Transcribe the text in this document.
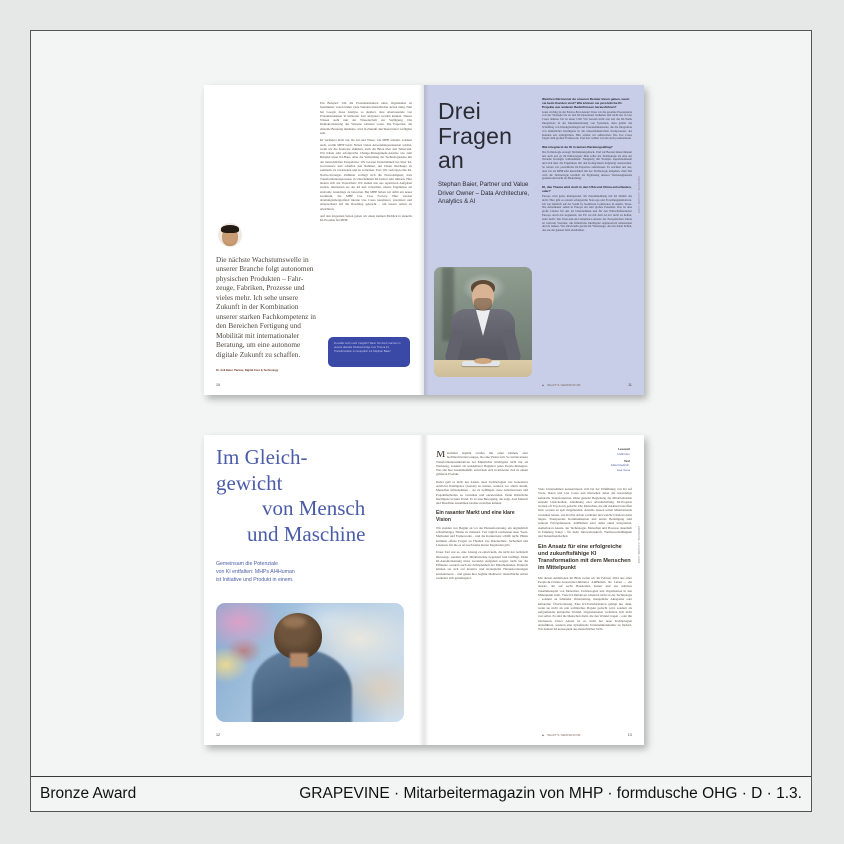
Die nächste Wachstumswelle in unserer Branche folgt autonomen physischen Produkten – Fahrzeuge, Fabriken, Prozesse und vieles mehr. Ich sehe unsere Zukunft in der Kombination unserer starken Fachkompetenz in den Bereichen Fertigung und Mobilität mit internationaler Beratung, um eine autonome digitale Zukunft zu schaffen.
Dr. Anil Baier, Partner, Digital Core & Technology

Ein Beispiel: Um die Proteinstrukturen eines Organismus zu bestimmen, waren bisher viele Stunden menschlicher Arbeit nötig. Nun hat Google diese Analyse so skaliert, dass Abertausende von Proteinstrukturen in kürzester Zeit analysiert werden können. Dieses Wissen steht nun der Wissenschaft zur Verfügung. Die Demokratisierung des Wissens schreitet voran. Die Expertise, die einzelne Beratung innehatte, wird in Zukunft durchaus breiter verfügbar sein.

KI verändert nicht nur die Art und Weise, wie MHP arbeitet, sondern auch, womit MHP berät. Neben vielen Anwendungsszenarien wächst, wenn wir die Kontexte abklären, auch der Blick über den Tellerrand. Wir haben sehr erfolgreiche Change-Management-Ansätze wie zum Beispiel unser KI-Haus. Aber die Verbindung der Technologieseite mit der menschlichen Perspektive: Wir beraten Unternehmen bei ihrer KI-Governance und schaffen den Rahmen, um Daten überhaupt zu sammeln, zu verarbeiten und zu vernetzen. Erst: Wir verfolgen eine KI-Native-Strategie. Dahinter verbirgt sich die Notwendigkeit, dass Transformationsprozesse in Unternehmen KI-basiert sein müssen. Hier ändern sich die Vorzeichen: Wir ziehen uns aus repetitiven Aufgaben zurück, überlassen sie der KI und versuchen, unsere Ergebnisse als sinnvolle Grundlage zu bewerten. Bei MHP haben wir dafür ein neues Gremium, die MHP Use Case Factory. Hier werden abteilungsübergreifend interne Use Cases kanalisiert, priorisiert und entsprechend auf die Roadmap gebracht – um unsere Arbeit zu erleichtern.

Auf den folgenden Seiten geben wir einen kleinen Einblick in aktuelle KI-Projekte bei MHP.

Du willst noch mehr Insights? Dann hör doch mal rein in unsere aktuelle Podcast-Folge zum Thema KI-Transformation im Gespräch mit Stephan Baier!
10
Drei
Fragen
an
Stephan Baier, Partner und Value Driver Owner – Data Architecture, Analytics & AI

Welchen Rat kannst du unseren Berater:innen geben, wenn sie beim Kunden sind? Wie können sie persönliche KI-Projekte aus anderen Bedürfnissen herausführen?

Ganz wichtig ist der End-to-End-Ansatz: Dass wir die gesamte Prozesskette von der Strategie bis zu den KI-Operations bedienen und nicht nur in Use Cases denken. Da ist unser USP. Wir beraten nicht erst seit der KI-Welle Integration; in der Implementierung von Systemen, dazu gehört die Schaffung von Datengrundlagen auf Unternehmensseite, die die Integration von Künstlicher Intelligenz in die unternehmerischen Kernprozesse des Kunden erst ermöglichen. Hier sollten wir aufhorchen: Die Use Cases folgen dem großen Framework. Und dort sollten wir uns auch positionieren.

Wie integrierst du KI in deinen Beratungsalltag?

Die Technologie erzeugt Veränderungsdruck. Und wir Berater:innen müssen uns auch erst zu ihr hinbewegen. Man sollte die Technologie als eine Art virtuelle Kollegin wahrnehmen. Neugierig mit Prompts experimentieren und sich über die Ergebnisse mit den Kolleg:innen freigiebig austauschen. So lernen wir, persönliche KI-Expertise aufzubauen. Es zeichnet uns aus, dass wir als MHP sehr menschlich mit der Technologie umgehen. Zum Teil wird die Technologie letztlich als Ergänzung unseres Werkzeugkastens gesehen und nicht als Bedrohung.

KI, das Thema wird doch in den USA und China entschieden, oder?

Europa wird gerne kleingeredet. Im Zusammenhang mit KI stimmt das nicht. Hier gibt es extrem erfolgreiche Start-ups und Forschungsinitiativen. Ich war kürzlich auf der South by Southwest Conference in Austin, Texas. Die Amerikaner sehen in Europa ein sehr großes Potenzial. Das ist eine große Chance für uns als Unternehmen und für den Wirtschaftsstandort Europa. Auch das Argument, der EU sei mit dem AI Act nicht zu helfen, zieht nicht: Der Data-and-AI-Compliance-Ansatz der Europäischen Union ist weltweit Vorreiter, um Künstliche Intelligenz regulatorisch einzusetzen und zu lenken. Wir entwickeln gerade KI-Werkzeuge, die uns dabei helfen, das aus der ganzen Welt abzubilden.

GRAPEVINE · AUSGABE 1.2024
◆ WHAT'S NEWSROOM	11
Im Gleich-
gewicht
von Mensch
und Maschine
Gemeinsam die Potenziale
von KI entfalten: MHPs AI4Human
ist Initiative und Produkt in einem.
12
Lesezeit
4 Minuten
Text
Julia Friedrich,
Lisa Vena

Manchmal beginnt Großes mit einer kleinen, aber hochmotivierten Gruppe, die eine Vision teilt. So starten unsere Transformationsinitiativen bei Künstlicher Intelligenz nicht nur als Werkzeug, sondern als wandelbarer Begleiter jedes People-Managers. Was alle hier zusammenhält, entwickelt sich in kürzester Zeit zu einem größeren Produkt.

Dabei geht es nicht nur darum, neue Technologien wie Generative Artificial Intelligence (GenAI) zu nutzen, sondern vor allem darum, Menschen mitzunehmen – sie zu befähigen, neue Arbeitsweisen und Projektmethoden zu verstehen und anzuwenden. Denn Künstliche Intelligenz ist kein Trend. Es ist eine Bewegung, die zeigt, dass Mensch und Maschine zusammen Großes erreichen können.

Ein rasanter Markt und eine klare Vision

Wir standen von Beginn an vor der Herausforderung, ein unglaublich schnelllebiges Thema zu meistern. Fast täglich erscheinen neue Tools, Methoden und Frameworks – und die Konkurrenz schläft nicht. Hinzu kommen offene Fragen zu Themen wie Datenschutz, Sicherheit und Lizenzen, für die es oft noch keine klaren Regularien gibt.

Unser Ziel war es, eine Lösung zu entwickeln, die nicht nur technisch überzeugt, sondern auch Mitarbeitende begeistert und befähigt. Denn KI-Automatisierung muss zweierlei Aufgaben sorgen: nicht nur die Effizienz, sondern auch die Zufriedenheit der Mitarbeitenden. Dadurch können sie sich auf kreative und strategische Herausforderungen konzentrieren – und genau hier beginnt Mehrwert: menschliche Arbeit verändert sich grundlegend.

Viele Unternehmen konzentrieren sich bei der Einführung von KI auf Tools, Daten und Use Cases und übersehen dabei die notwendige kulturelle Transformation. Ohne gezielte Begleitung der Mitarbeitenden entsteht Unsicherheit, Ablehnung oder Abwehrhaltung. KI-Projekte werden oft Top-down gedacht. Die Menschen, die am stärksten betroffen sind, werden zu spät eingebunden. Anstelle dessen sollen Mitarbeitende verstehen lernen, wie KI ihre Arbeit verändert und welche Chancen darin liegen. Transparente Kommunikation und aktive Beteiligung sind zentrale Erfolgsfaktoren. AI4Human setzt daher einen integrierten, skalierbaren Ansatz, der Technologie, Menschen und Prozesse dauerhaft in Einklang bringt – für mehr Innovationskraft, Wettbewerbsfähigkeit und Zukunftssicherheit.

Ein Ansatz für eine erfolgreiche und zukunftsfähige KI Transformation mit dem Menschen im Mittelpunkt

Mit diesen Ambitionen im Blick riefen wir im Februar 2024 aus einer People-&-Culture-Graswurzel-Initiative AI4Human ins Leben – ein Ansatz, der auf sechs Bausteinen basiert und das nahtlose Zusammenspiel von Menschen, Technologien und Organisation in den Mittelpunkt stellt. Viele KI-Initiativen scheitern nicht an der Technologie – sondern an fehlender Orientierung, mangelnder Akzeptanz oder kultureller Überforderung. Eine KI-Transformation gelingt nur dann, wenn sie nicht als rein technisches Projekt gedacht wird, sondern als tiefgreifender kultureller Wandel. Organisationen verändern sich nicht von selbst. Es sind die Menschen darin, die den Wandel tragen – oder ihn blockieren. Unser Ansatz ist es, nicht nur neue Technologien einzuführen, sondern eine dynamische Unternehmenskultur zu fördern. Wir denken KI konsequent aus menschlicher Sicht.

GRAPEVINE · AUSGABE 1.2024
◆ WHAT'S NEWSROOM	13
Bronze Award	GRAPEVINE · Mitarbeitermagazin von MHP · formdusche OHG · D · 1.3.
